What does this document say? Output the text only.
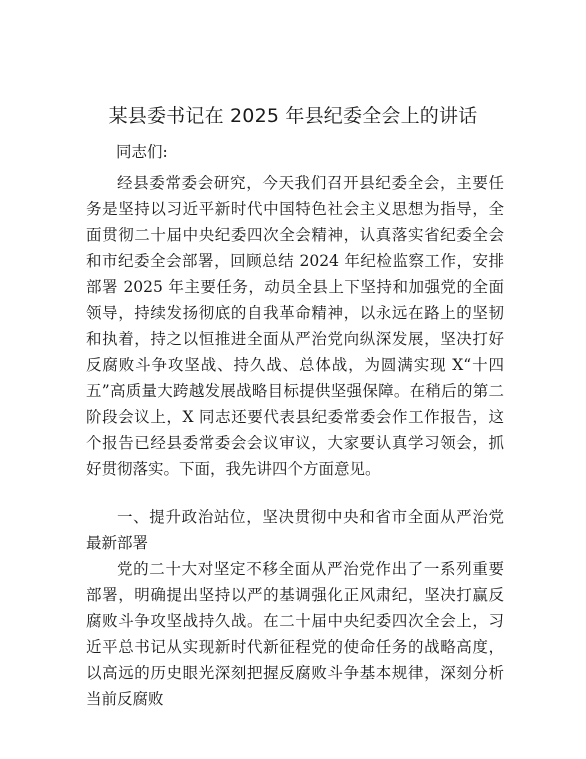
某县委书记在 2025 年县纪委全会上的讲话
同志们:
经县委常委会研究，今天我们召开县纪委全会，主要任务是坚持以习近平新时代中国特色社会主义思想为指导，全面贯彻二十届中央纪委四次全会精神，认真落实省纪委全会和市纪委全会部署，回顾总结 2024 年纪检监察工作，安排部署 2025 年主要任务，动员全县上下坚持和加强党的全面领导，持续发扬彻底的自我革命精神，以永远在路上的坚韧和执着，持之以恒推进全面从严治党向纵深发展，坚决打好反腐败斗争攻坚战、持久战、总体战，为圆满实现 X“十四五”高质量大跨越发展战略目标提供坚强保障。在稍后的第二阶段会议上，X 同志还要代表县纪委常委会作工作报告，这个报告已经县委常委会会议审议，大家要认真学习领会，抓好贯彻落实。下面，我先讲四个方面意见。
一、提升政治站位，坚决贯彻中央和省市全面从严治党最新部署
党的二十大对坚定不移全面从严治党作出了一系列重要部署，明确提出坚持以严的基调强化正风肃纪，坚决打赢反腐败斗争攻坚战持久战。在二十届中央纪委四次全会上，习近平总书记从实现新时代新征程党的使命任务的战略高度，以高远的历史眼光深刻把握反腐败斗争基本规律，深刻分析当前反腐败
